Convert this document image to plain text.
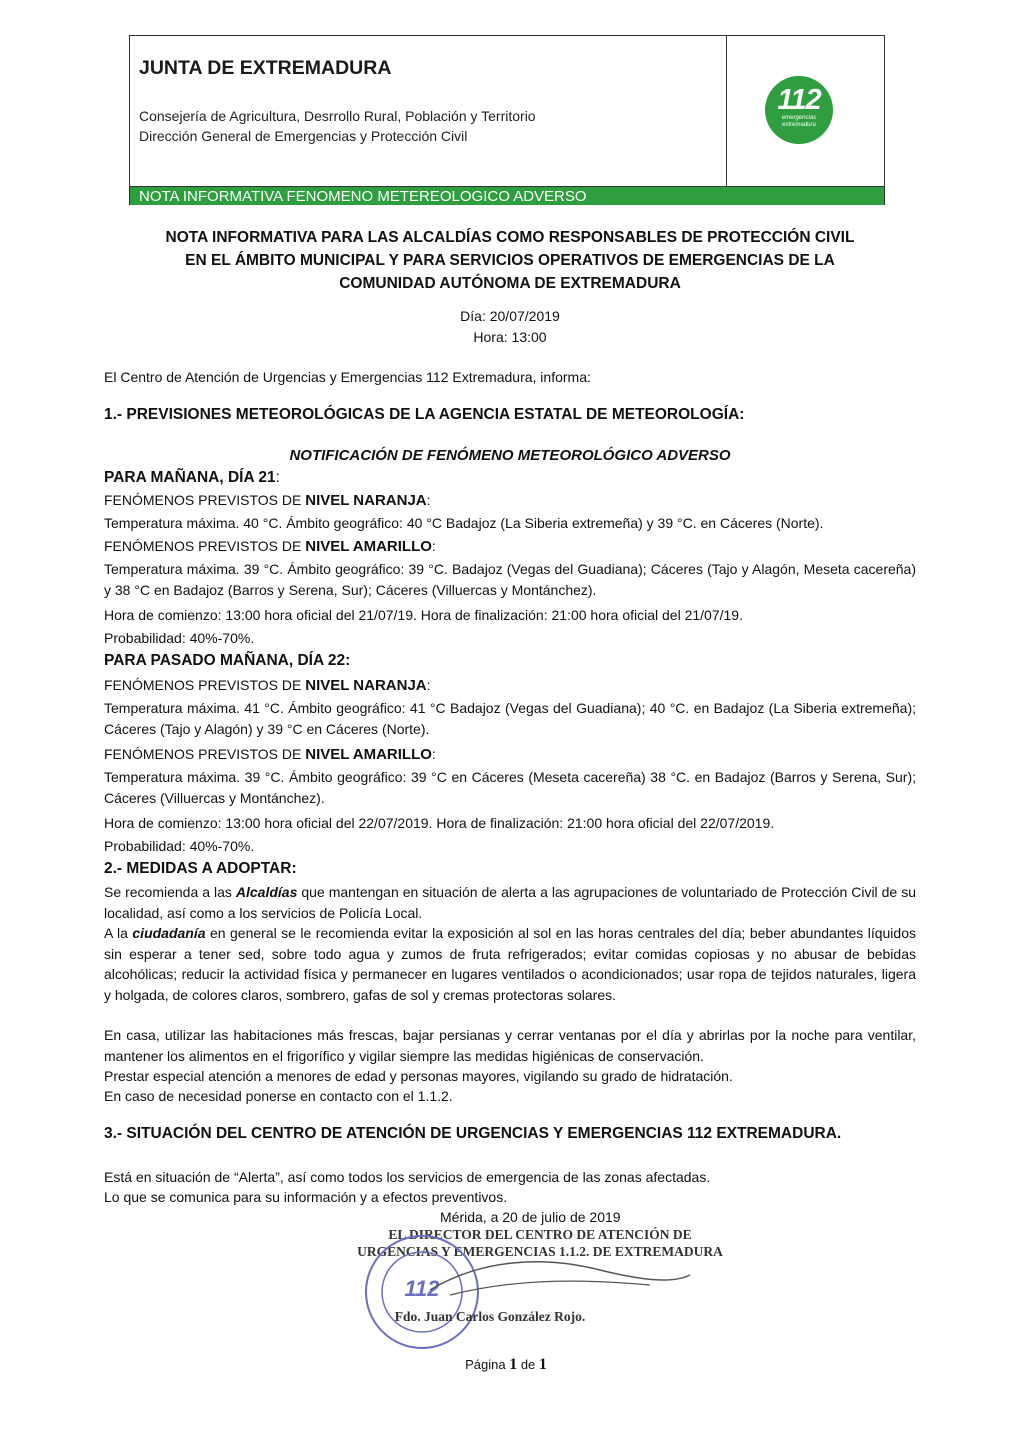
JUNTA DE EXTREMADURA
Consejería de Agricultura, Desrrollo Rural, Población y Territorio
Dirección General de Emergencias y Protección Civil
112
emergencias
extremadura
NOTA INFORMATIVA FENOMENO METEREOLOGICO ADVERSO
NOTA INFORMATIVA PARA LAS ALCALDÍAS COMO RESPONSABLES DE PROTECCIÓN CIVIL
EN EL ÁMBITO MUNICIPAL Y PARA SERVICIOS OPERATIVOS DE EMERGENCIAS DE LA
COMUNIDAD AUTÓNOMA DE EXTREMADURA
Día: 20/07/2019
Hora: 13:00
El Centro de Atención de Urgencias y Emergencias 112 Extremadura, informa:
1.- PREVISIONES METEOROLÓGICAS DE LA AGENCIA ESTATAL DE METEOROLOGÍA:
NOTIFICACIÓN DE FENÓMENO METEOROLÓGICO ADVERSO
PARA MAÑANA, DÍA 21:
FENÓMENOS PREVISTOS DE NIVEL NARANJA:
Temperatura máxima. 40 °C. Ámbito geográfico: 40 °C Badajoz (La Siberia extremeña) y 39 °C. en Cáceres (Norte).
FENÓMENOS PREVISTOS DE NIVEL AMARILLO:
Temperatura máxima. 39 °C. Ámbito geográfico: 39 °C. Badajoz (Vegas del Guadiana); Cáceres (Tajo y Alagón, Meseta cacereña) y 38 °C en Badajoz (Barros y Serena, Sur); Cáceres (Villuercas y Montánchez).
Hora de comienzo: 13:00 hora oficial del 21/07/19. Hora de finalización: 21:00 hora oficial del 21/07/19.
Probabilidad: 40%-70%.
PARA PASADO MAÑANA, DÍA 22:
FENÓMENOS PREVISTOS DE NIVEL NARANJA:
Temperatura máxima. 41 °C. Ámbito geográfico: 41 °C Badajoz (Vegas del Guadiana); 40 °C. en Badajoz (La Siberia extremeña); Cáceres (Tajo y Alagón) y 39 °C en Cáceres (Norte).
FENÓMENOS PREVISTOS DE NIVEL AMARILLO:
Temperatura máxima. 39 °C. Ámbito geográfico: 39 °C en Cáceres (Meseta cacereña) 38 °C. en Badajoz (Barros y Serena, Sur); Cáceres (Villuercas y Montánchez).
Hora de comienzo: 13:00 hora oficial del 22/07/2019. Hora de finalización: 21:00 hora oficial del 22/07/2019.
Probabilidad: 40%-70%.
2.- MEDIDAS A ADOPTAR:
Se recomienda a las Alcaldías que mantengan en situación de alerta a las agrupaciones de voluntariado de Protección Civil de su localidad, así como a los servicios de Policía Local.
A la ciudadanía en general se le recomienda evitar la exposición al sol en las horas centrales del día; beber abundantes líquidos sin esperar a tener sed, sobre todo agua y zumos de fruta refrigerados; evitar comidas copiosas y no abusar de bebidas alcohólicas; reducir la actividad física y permanecer en lugares ventilados o acondicionados; usar ropa de tejidos naturales, ligera y holgada, de colores claros, sombrero, gafas de sol y cremas protectoras solares.
En casa, utilizar las habitaciones más frescas, bajar persianas y cerrar ventanas por el día y abrirlas por la noche para ventilar, mantener los alimentos en el frigorífico y vigilar siempre las medidas higiénicas de conservación.
Prestar especial atención a menores de edad y personas mayores, vigilando su grado de hidratación.
En caso de necesidad ponerse en contacto con el 1.1.2.
3.- SITUACIÓN DEL CENTRO DE ATENCIÓN DE URGENCIAS Y EMERGENCIAS 112 EXTREMADURA.
Está en situación de “Alerta”, así como todos los servicios de emergencia de las zonas afectadas.
Lo que se comunica para su información y a efectos preventivos.
Mérida, a 20 de julio de 2019
EL DIRECTOR DEL CENTRO DE ATENCIÓN DE
URGENCIAS Y EMERGENCIAS 1.1.2. DE EXTREMADURA
112
Fdo. Juan Carlos González Rojo.
Página 1 de 1
